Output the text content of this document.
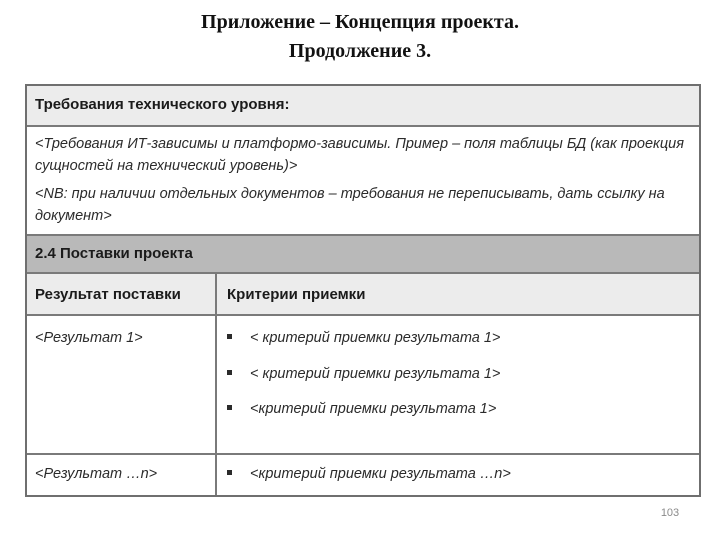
Приложение – Концепция проекта.
Продолжение 3.
Требования технического уровня:
<Требования ИТ-зависимы и платформо-зависимы. Пример – поля таблицы БД (как проекция сущностей на технический уровень)>
<NB: при наличии отдельных документов – требования не переписывать, дать ссылку на документ>
2.4 Поставки проекта
Результат поставки	Критерии приемки
<Результат 1>	< критерий приемки результата 1>
< критерий приемки результата 1>
<критерий приемки результата 1>
<Результат …n>	<критерий приемки результата …n>
103
